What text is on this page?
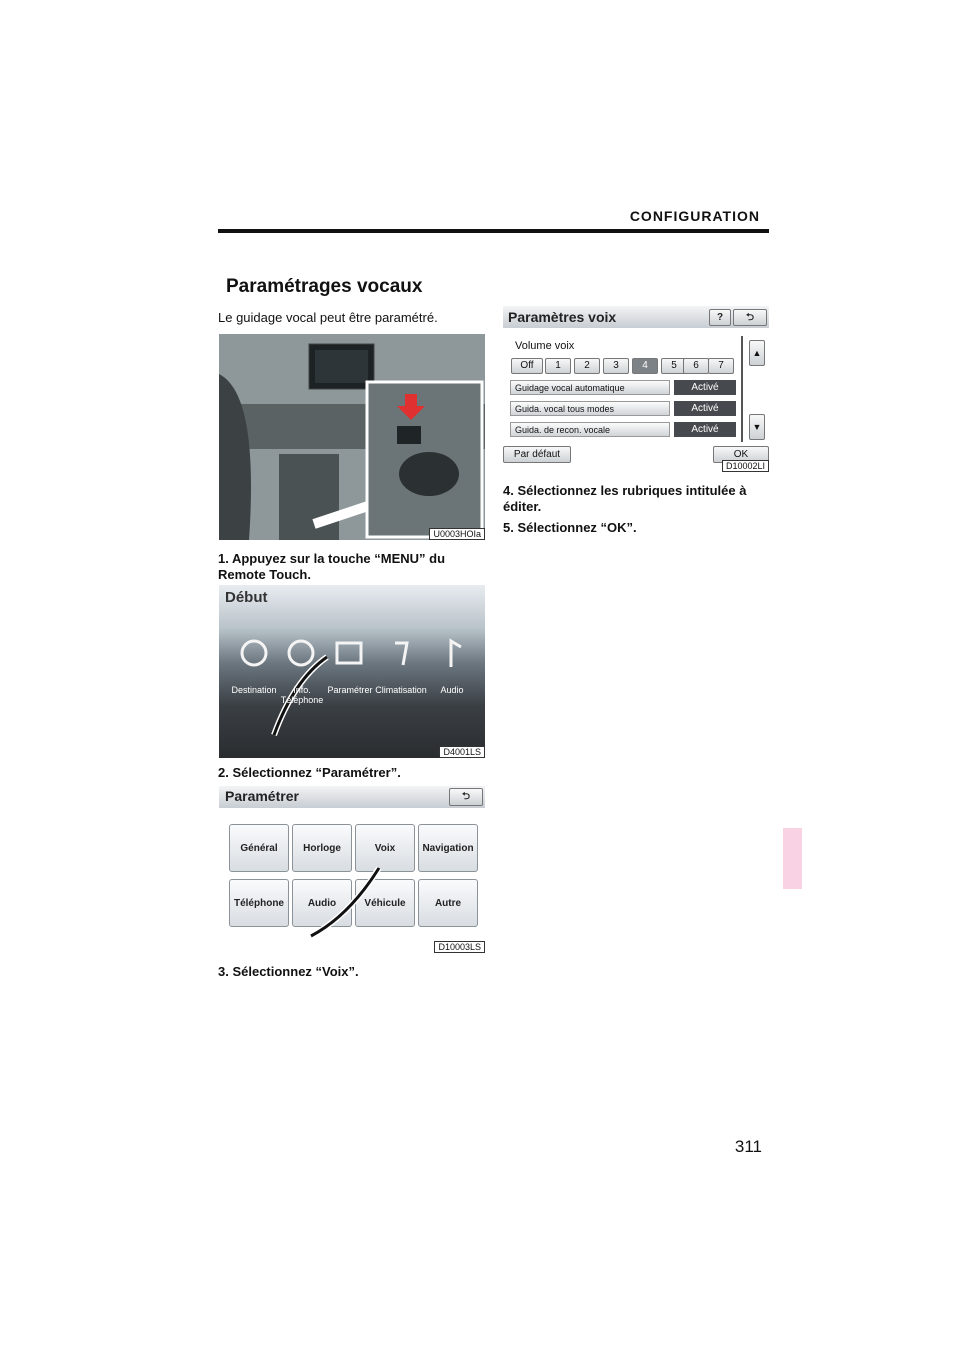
CONFIGURATION
Paramétrages vocaux
Le guidage vocal peut être paramétré.
U0003HOIa
1. Appuyez sur la touche “MENU” du Remote Touch.
Début
Destination	Info. Téléphone
Paramétrer Climatisation	Audio
D4001LS
2. Sélectionnez “Paramétrer”.
Paramétrer	⮌
Général	Horloge	Voix	Navigation
Téléphone	Audio	Véhicule	Autre
D10003LS
3. Sélectionnez “Voix”.
Paramètres voix	?	⮌
Volume voix
Off	1	2	3	4	5	6	7
Guidage vocal automatique	Activé
Guida. vocal tous modes	Activé
Guida. de recon. vocale	Activé
▲
▼
Par défaut	OK
D10002LI
4. Sélectionnez les rubriques intitulée à éditer.
5. Sélectionnez “OK”.
311
